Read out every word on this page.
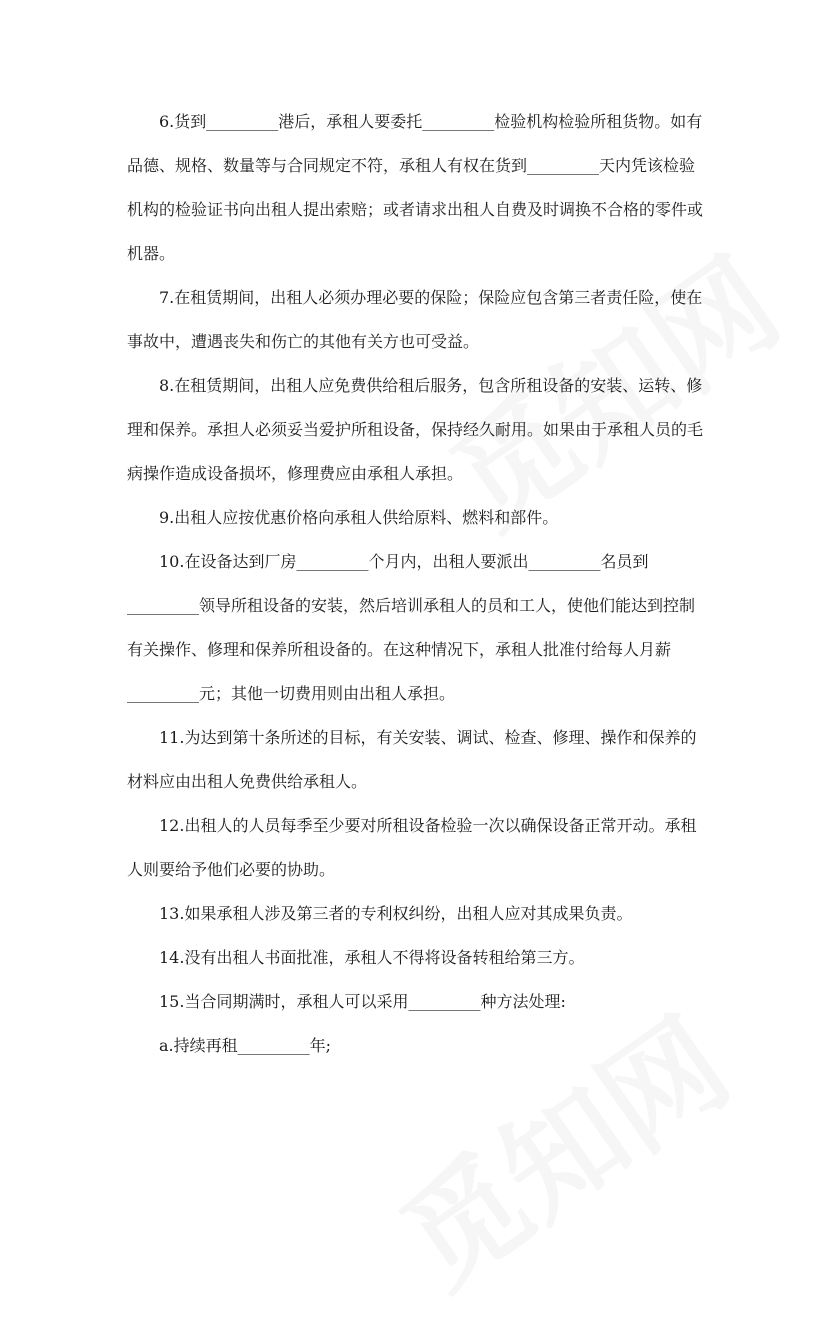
6.货到_________港后，承租人要委托_________检验机构检验所租货物。如有品德、规格、数量等与合同规定不符，承租人有权在货到_________天内凭该检验机构的检验证书向出租人提出索赔；或者请求出租人自费及时调换不合格的零件或机器。

7.在租赁期间，出租人必须办理必要的保险；保险应包含第三者责任险，使在事故中，遭遇丧失和伤亡的其他有关方也可受益。

8.在租赁期间，出租人应免费供给租后服务，包含所租设备的安装、运转、修理和保养。承担人必须妥当爱护所租设备，保持经久耐用。如果由于承租人员的毛病操作造成设备损坏，修理费应由承租人承担。

9.出租人应按优惠价格向承租人供给原料、燃料和部件。

10.在设备达到厂房_________个月内，出租人要派出_________名员到_________领导所租设备的安装，然后培训承租人的员和工人，使他们能达到控制有关操作、修理和保养所租设备的。在这种情况下，承租人批准付给每人月薪_________元；其他一切费用则由出租人承担。

11.为达到第十条所述的目标，有关安装、调试、检查、修理、操作和保养的材料应由出租人免费供给承租人。

12.出租人的人员每季至少要对所租设备检验一次以确保设备正常开动。承租人则要给予他们必要的协助。

13.如果承租人涉及第三者的专利权纠纷，出租人应对其成果负责。

14.没有出租人书面批准，承租人不得将设备转租给第三方。

15.当合同期满时，承租人可以采用_________种方法处理:

a.持续再租_________年;
